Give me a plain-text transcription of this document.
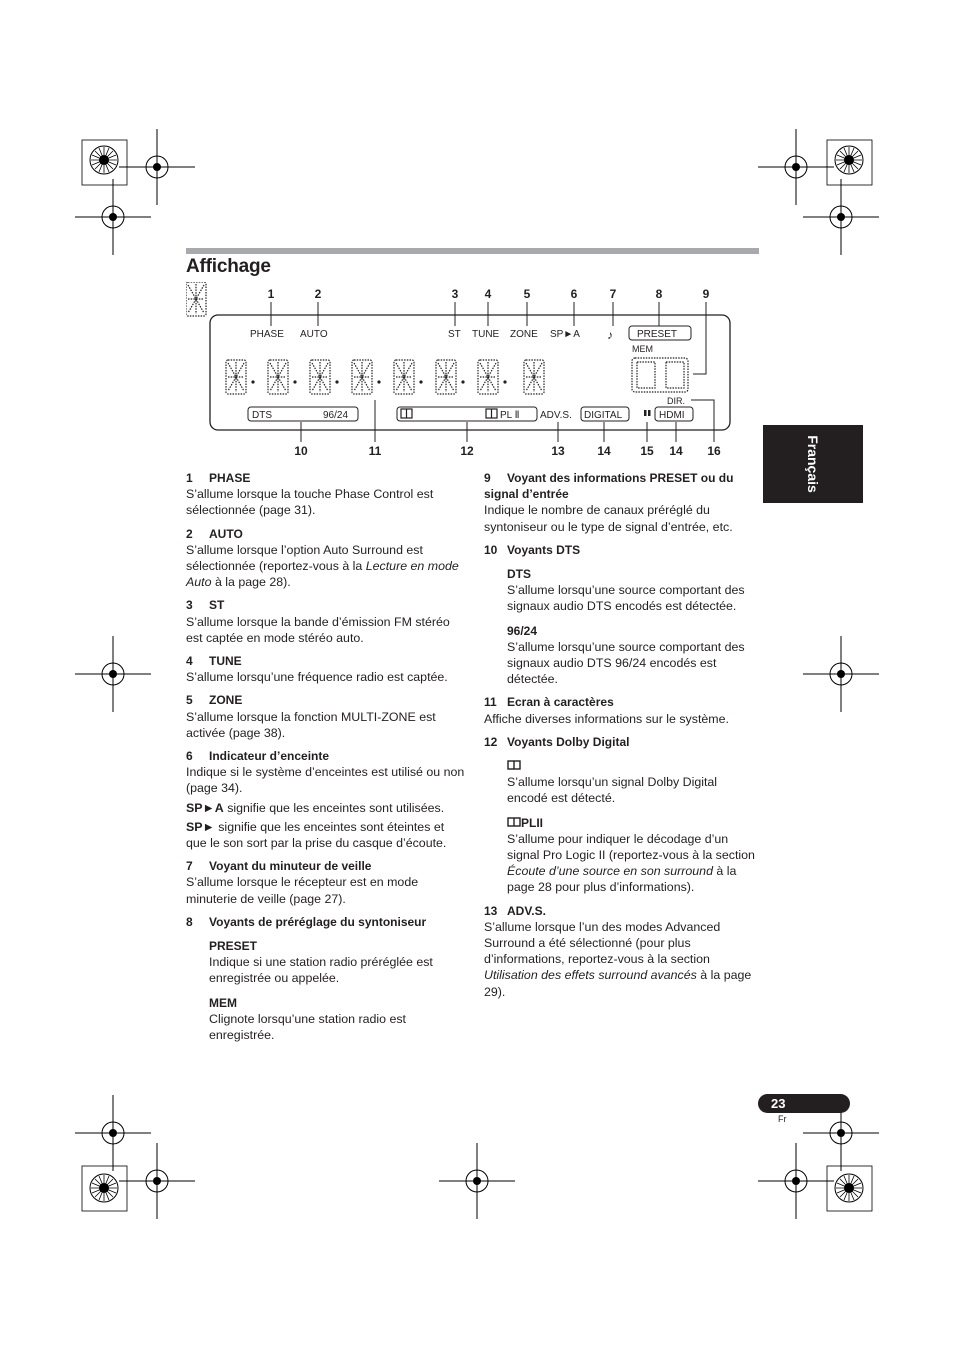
Affichage
1	2	3 4	5	6	7	8	9
10	11	12	13	14 15 14 16
PHASE AUTO	ST TUNE ZONE SP►A ♪ PRESET
MEM
DTS	96/24	PL Ⅱ ADV.S. DIGITAL	HDMI
DIR.
Français
1 PHASE

S’allume lorsque la touche Phase Control est sélectionnée (page 31).

2 AUTO

S’allume lorsque l’option Auto Surround est sélectionnée (reportez-vous à la Lecture en mode Auto à la page 28).

3 ST

S’allume lorsque la bande d’émission FM stéréo est captée en mode stéréo auto.

4 TUNE

S’allume lorsqu’une fréquence radio est captée.

5 ZONE

S’allume lorsque la fonction MULTI-ZONE est activée (page 38).

6 Indicateur d’enceinte

Indique si le système d’enceintes est utilisé ou non (page 34).

SP►A signifie que les enceintes sont utilisées.

SP► signifie que les enceintes sont éteintes et que le son sort par la prise du casque d’écoute.

7 Voyant du minuteur de veille

S’allume lorsque le récepteur est en mode minuterie de veille (page 27).

8 Voyants de préréglage du syntoniseur
PRESET

Indique si une station radio préréglée est enregistrée ou appelée.

MEM

Clignote lorsqu’une station radio est enregistrée.

9 Voyant des informations PRESET ou du signal d’entrée

Indique le nombre de canaux préréglé du syntoniseur ou le type de signal d’entrée, etc.

10 Voyants DTS
DTS

S’allume lorsqu’une source comportant des signaux audio DTS encodés est détectée.

96/24

S’allume lorsqu’une source comportant des signaux audio DTS 96/24 encodés est détectée.

11 Ecran à caractères

Affiche diverses informations sur le système.

12 Voyants Dolby Digital

S’allume lorsqu’un signal Dolby Digital encodé est détecté.

PLII

S’allume pour indiquer le décodage d’un signal Pro Logic II (reportez-vous à la section Écoute d’une source en son surround à la page 28 pour plus d’informations).

13 ADV.S.

S’allume lorsque l’un des modes Advanced Surround a été sélectionné (pour plus d’informations, reportez-vous à la section Utilisation des effets surround avancés à la page 29).

23
Fr
